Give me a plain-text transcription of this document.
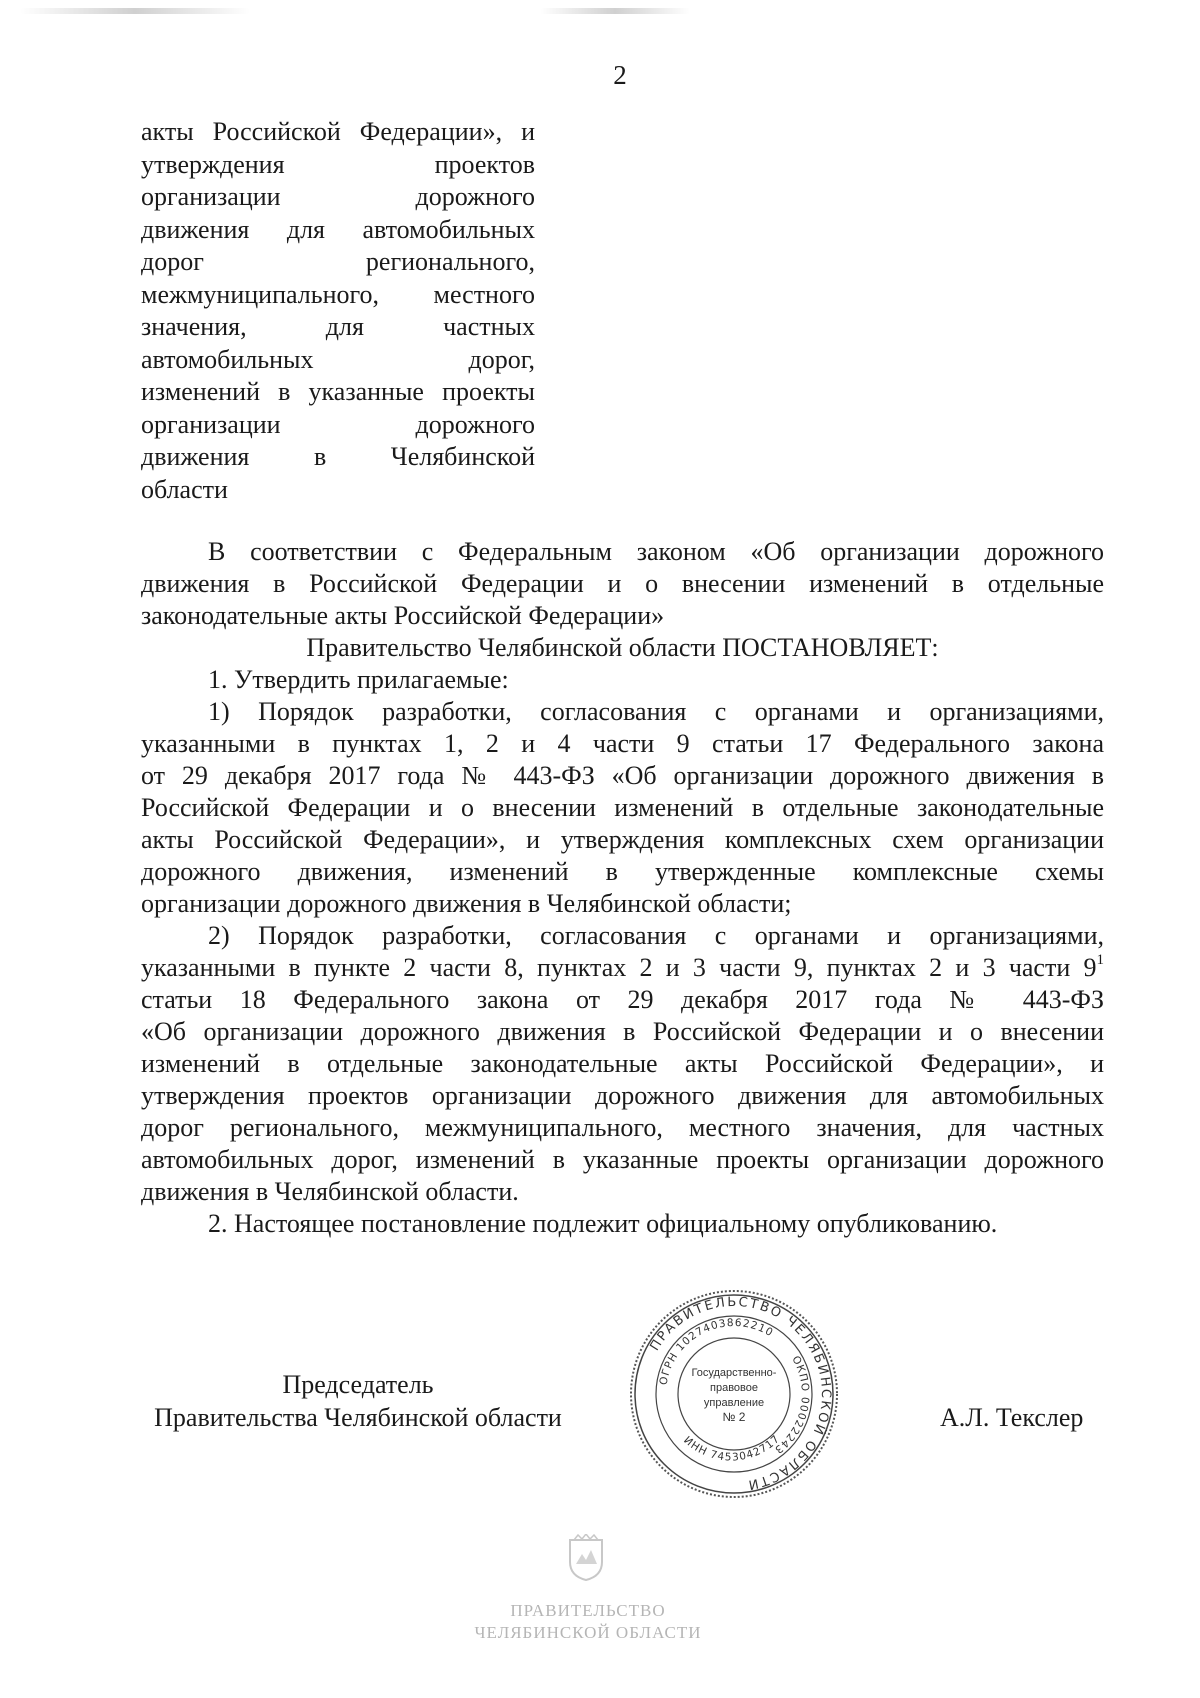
2
акты Российской Федерации», и
утверждения проектов
организации дорожного
движения для автомобильных
дорог регионального,
межмуниципального, местного
значения, для частных
автомобильных дорог,
изменений в указанные проекты
организации дорожного
движения в Челябинской
области

В соответствии с Федеральным законом «Об организации дорожного
движения в Российской Федерации и о внесении изменений в отдельные
законодательные акты Российской Федерации»

Правительство Челябинской области ПОСТАНОВЛЯЕТ:

1. Утвердить прилагаемые:

1) Порядок разработки, согласования с органами и организациями,
указанными в пунктах 1, 2 и 4 части 9 статьи 17 Федерального закона
от 29 декабря 2017 года № 443-ФЗ «Об организации дорожного движения в
Российской Федерации и о внесении изменений в отдельные законодательные
акты Российской Федерации», и утверждения комплексных схем организации
дорожного движения, изменений в утвержденные комплексные схемы
организации дорожного движения в Челябинской области;

2) Порядок разработки, согласования с органами и организациями,
указанными в пункте 2 части 8, пунктах 2 и 3 части 9, пунктах 2 и 3 части $9^1$
статьи 18 Федерального закона от 29 декабря 2017 года № 443-ФЗ
«Об организации дорожного движения в Российской Федерации и о внесении
изменений в отдельные законодательные акты Российской Федерации», и
утверждения проектов организации дорожного движения для автомобильных
дорог регионального, межмуниципального, местного значения, для частных
автомобильных дорог, изменений в указанные проекты организации дорожного
движения в Челябинской области.

2. Настоящее постановление подлежит официальному опубликованию.

Председатель
Правительства Челябинской области	А.Л. Текслер
ПРАВИТЕЛЬСТВО ЧЕЛЯБИНСКОЙ ОБЛАСТИ
ОГРН 1027403862210
ОКПО 00022243
ИНН 7453042717
Государственно-
правовое
управление
№ 2
ПРАВИТЕЛЬСТВО
ЧЕЛЯБИНСКОЙ ОБЛАСТИ
